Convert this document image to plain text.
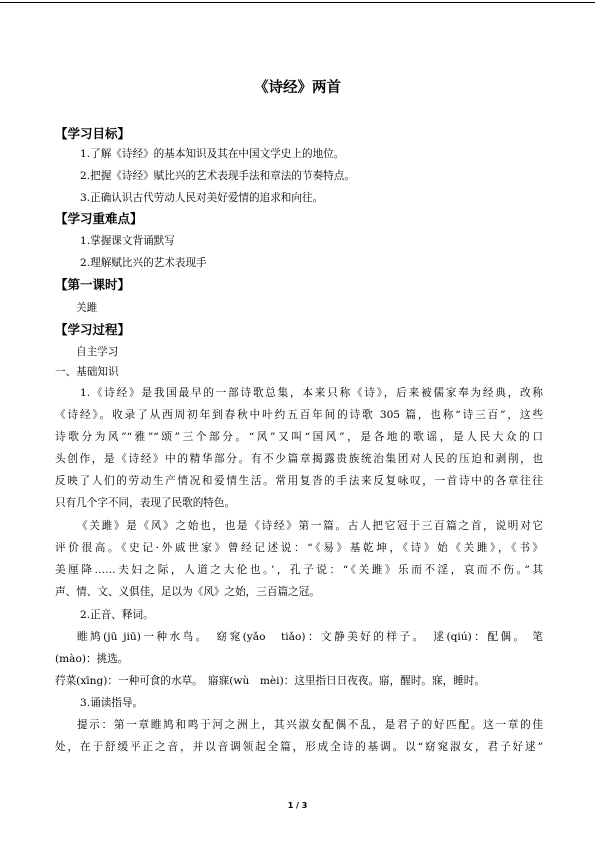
《诗经》两首
【学习目标】
1.了解《诗经》的基本知识及其在中国文学史上的地位。
2.把握《诗经》赋比兴的艺术表现手法和章法的节奏特点。
3.正确认识古代劳动人民对美好爱情的追求和向往。
【学习重难点】
1.掌握课文背诵默写
2.理解赋比兴的艺术表现手
【第一课时】
关雎
【学习过程】
自主学习
一、基础知识
1.《诗经》是我国最早的一部诗歌总集，本来只称《诗》，后来被儒家奉为经典，改称
《诗经》。收录了从西周初年到春秋中叶约五百年间的诗歌 305 篇，也称“诗三百”，这些
诗歌分为风”“雅”“颂”三个部分。“风”又叫“国风”，是各地的歌谣，是人民大众的口
头创作，是《诗经》中的精华部分。有不少篇章揭露贵族统治集团对人民的压迫和剥削，也
反映了人们的劳动生产情况和爱情生活。常用复沓的手法来反复咏叹，一首诗中的各章往往
只有几个字不同，表现了民歌的特色。
《关雎》是《风》之始也，也是《诗经》第一篇。古人把它冠于三百篇之首，说明对它
评价很高。《史记·外戚世家》曾经记述说：“《易》基乾坤，《诗》始《关雎》，《书》
美厘降……夫妇之际，人道之大伦也。’，孔子说：“《关雎》乐而不淫，哀而不伤。”其
声、情、文、义俱佳，足以为《风》之始，三百篇之冠。
2.正音、释词。
睢鸠(jū jiū)一种水鸟。　窈窕(yǎo　tiǎo)：文静美好的样子。　逑(qiú)：配偶。 笔
(mào)：挑选。
荇菜(xīng)：一种可食的水草。　寤寐(wù　mèi)：这里指日日夜夜。寤，醒时。寐，睡时。
3.诵读指导。
提示：第一章睢鸠和鸣于河之洲上，其兴淑女配偶不乱，是君子的好匹配。这一章的佳
处，在于舒缓平正之音，并以音调领起全篇，形成全诗的基调。以“窈窕淑女，君子好逑”
1 / 3
